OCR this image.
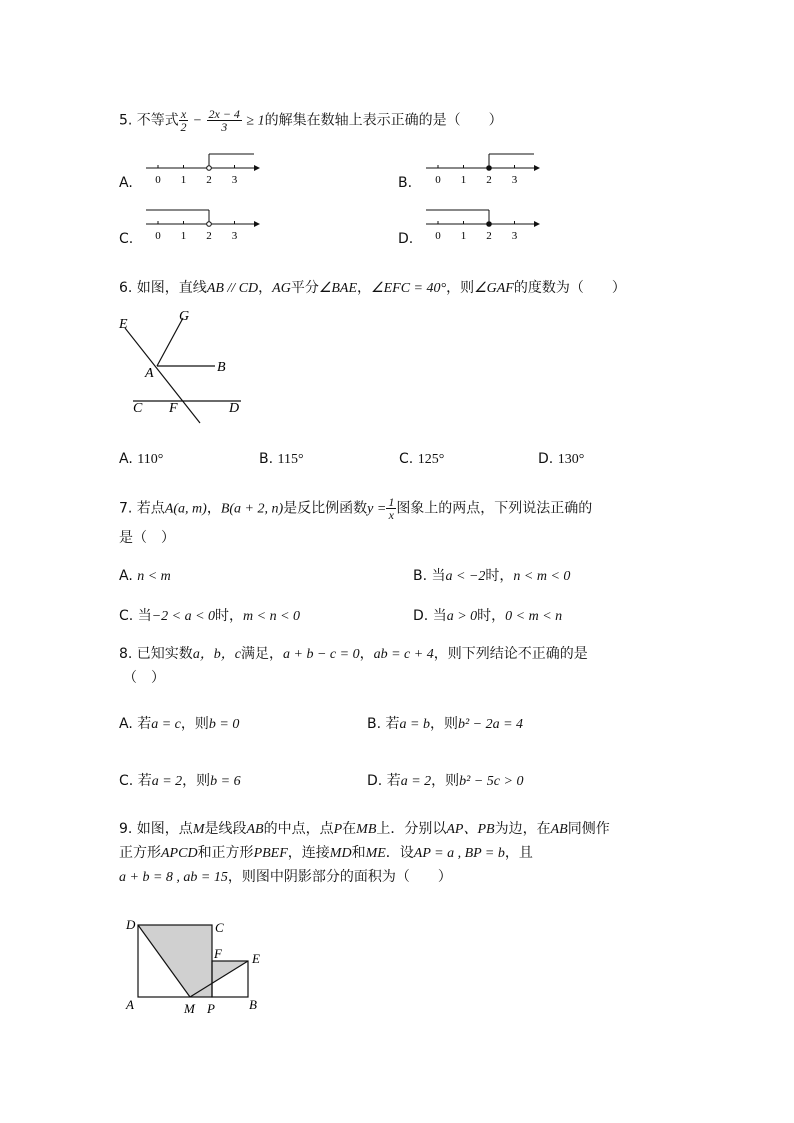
5. 不等式 $\frac{x}{2} - \frac{2x - 4}{3} \ge 1$的解集在数轴上表示正确的是（　　）
A.	B.
C.	D.
0 1 2 3	0 1 2 3
0 1 2 3	0 1 2 3
6. 如图，直线AB // CD，AG平分∠BAE，∠EFC = 40°，则∠GAF的度数为（　　）
E
G
A	B
C F	D
A. 110°	B. 115°	C. 125°	D. 130°
7. 若点A(a, m)，B(a + 2, n)是反比例函数$y = \frac{1}{x}$ 图象上的两点，下列说法正确的
是（　）
A. n < m	B. 当a < −2时，n < m < 0
C. 当−2 < a < 0时，m < n < 0	D. 当a > 0时，0 < m < n
8. 已知实数a，b，c满足，a + b − c = 0，ab = c + 4，则下列结论不正确的是
（　）
A. 若a = c，则b = 0	B. 若a = b，则b² − 2a = 4
C. 若a = 2，则b = 6	D. 若a = 2，则b² − 5c > 0
9. 如图，点M是线段AB的中点，点P在MB上．分别以AP、PB为边，在AB同侧作
正方形APCD和正方形PBEF，连接MD和ME．设AP = a , BP = b，且
a + b = 8 , ab = 15，则图中阴影部分的面积为（　　）
D	C
F E
A	M P	B
